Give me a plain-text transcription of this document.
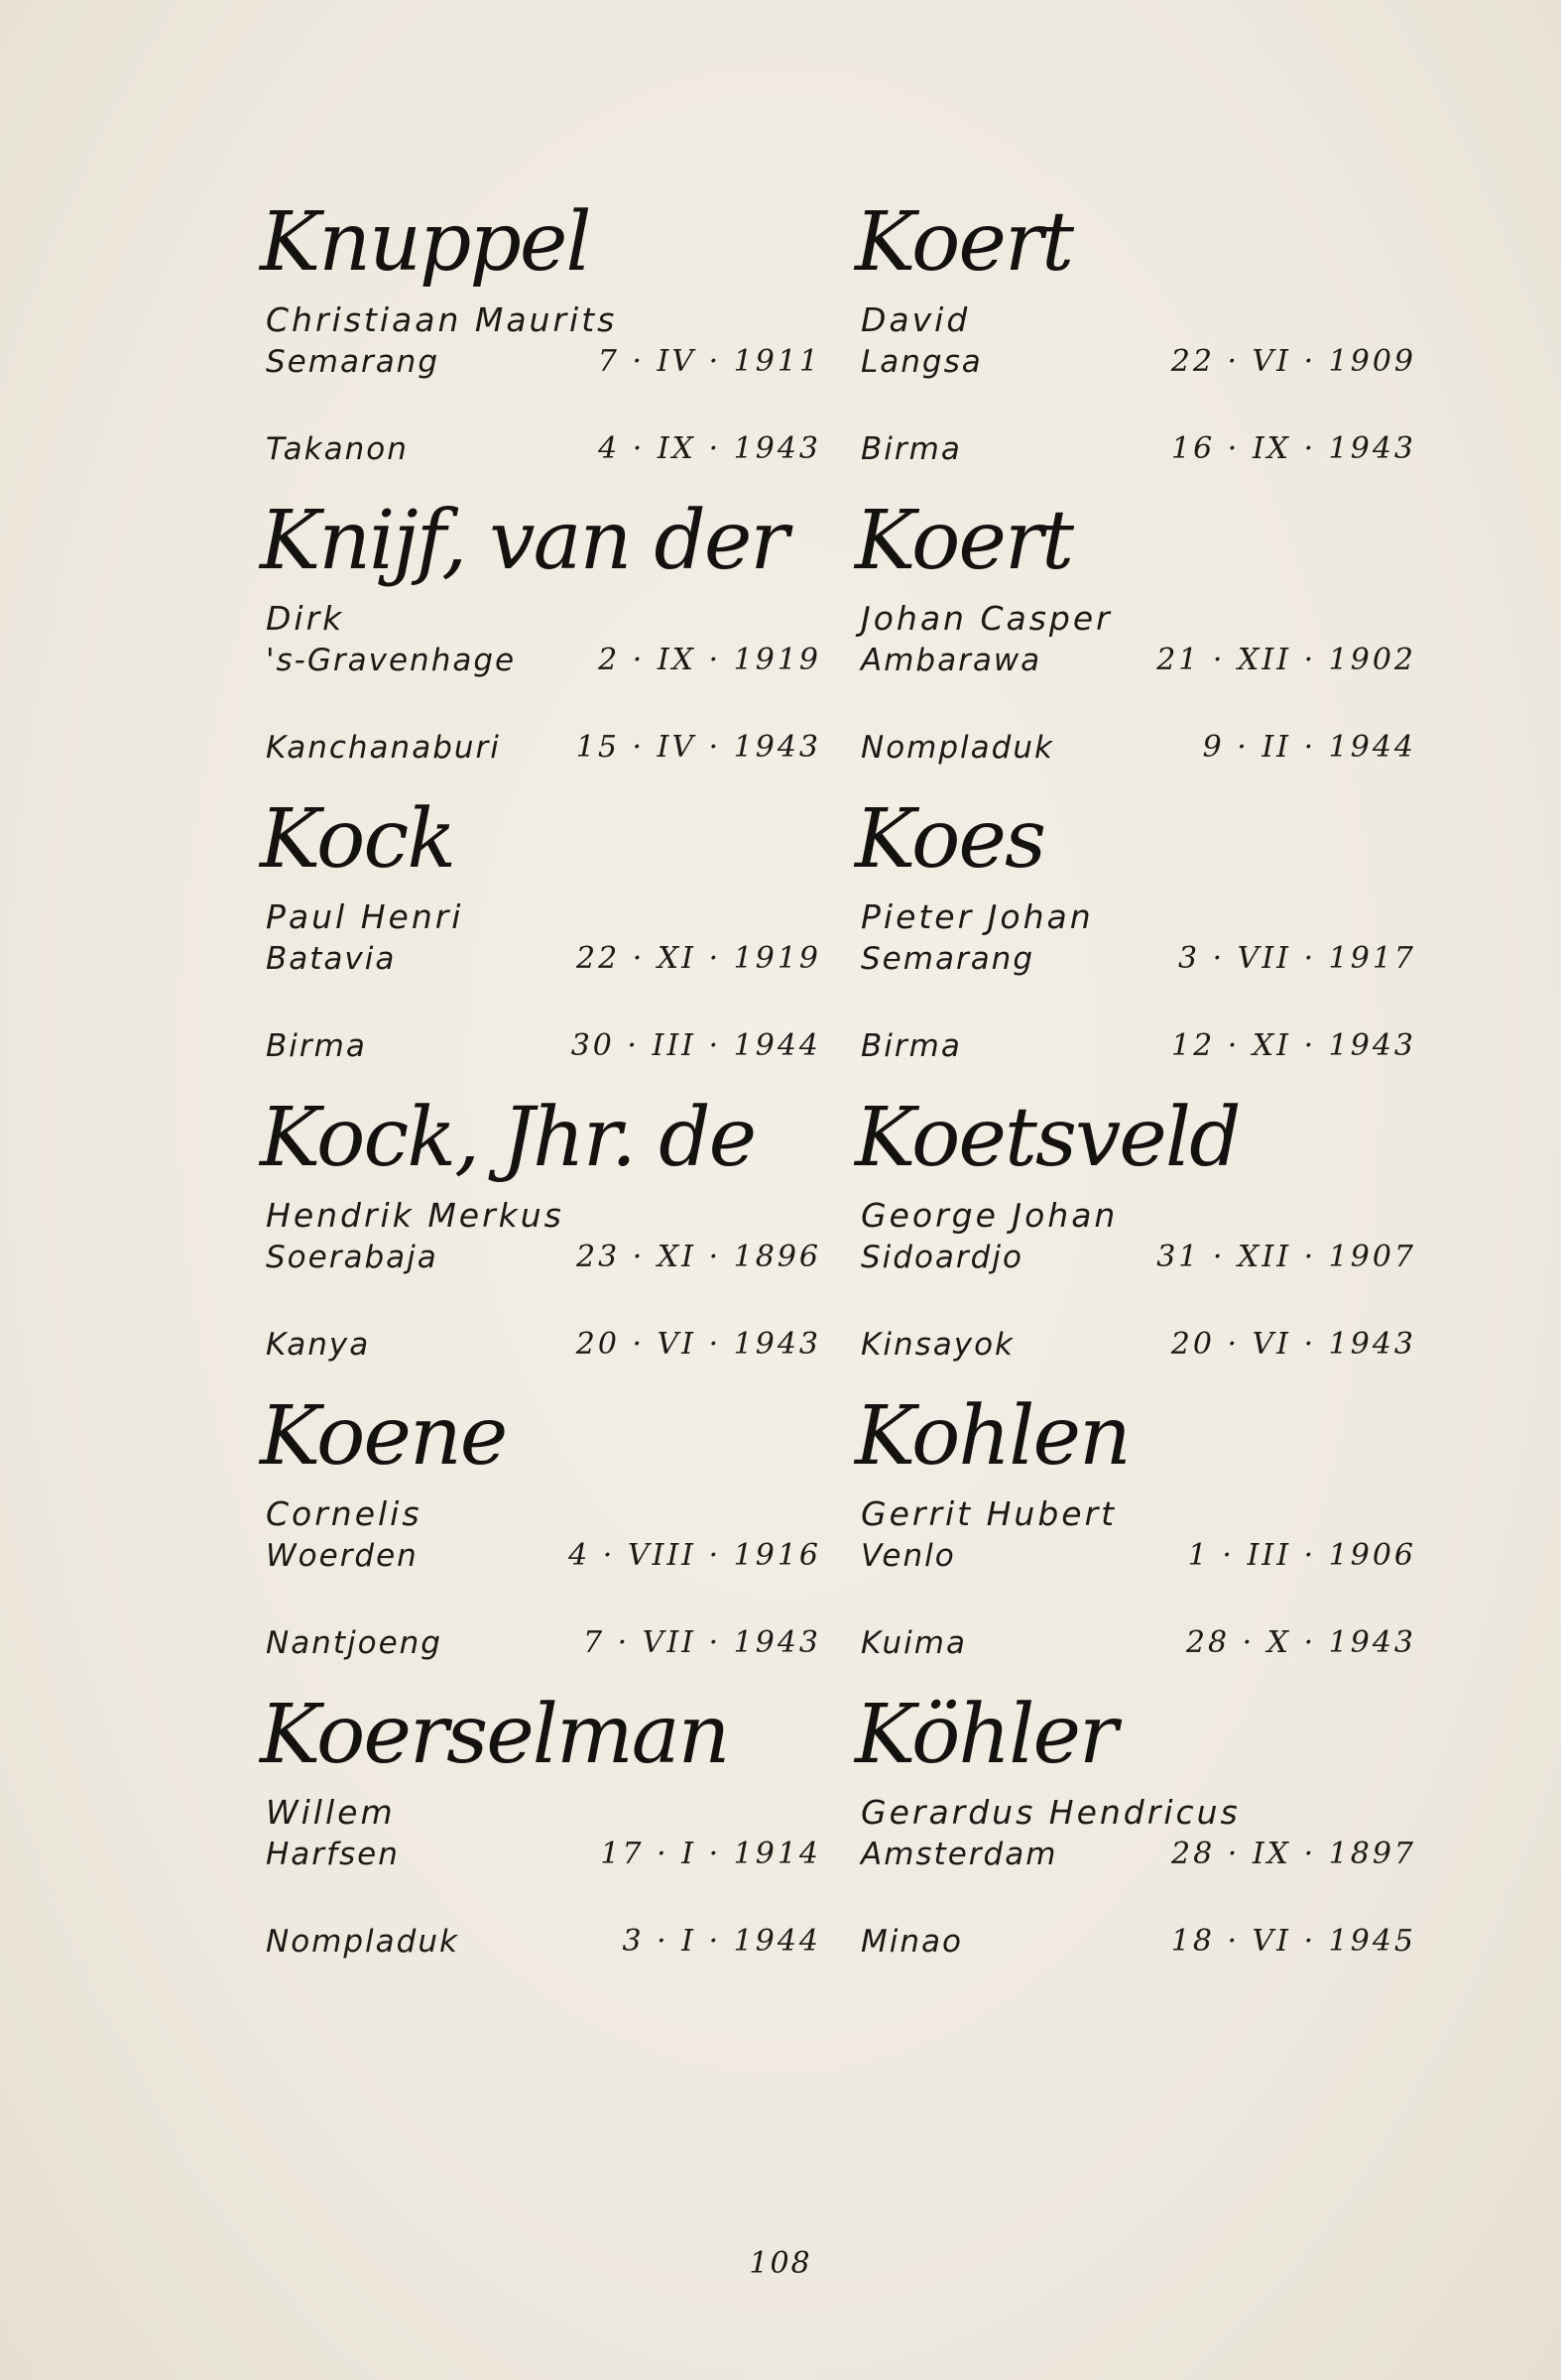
Knuppel
Christiaan Maurits
Semarang	7 · IV · 1911
Takanon	4 · IX · 1943
Knijf, van der
Dirk
's-Gravenhage	2 · IX · 1919
Kanchanaburi	15 · IV · 1943
Kock
Paul Henri
Batavia	22 · XI · 1919
Birma	30 · III · 1944
Kock, Jhr. de
Hendrik Merkus
Soerabaja	23 · XI · 1896
Kanya	20 · VI · 1943
Koene
Cornelis
Woerden	4 · VIII · 1916
Nantjoeng	7 · VII · 1943
Koerselman
Willem
Harfsen	17 · I · 1914
Nompladuk	3 · I · 1944
Koert
David
Langsa	22 · VI · 1909
Birma	16 · IX · 1943
Koert
Johan Casper
Ambarawa	21 · XII · 1902
Nompladuk	9 · II · 1944
Koes
Pieter Johan
Semarang	3 · VII · 1917
Birma	12 · XI · 1943
Koetsveld
George Johan
Sidoardjo	31 · XII · 1907
Kinsayok	20 · VI · 1943
Kohlen
Gerrit Hubert
Venlo	1 · III · 1906
Kuima	28 · X · 1943
Köhler
Gerardus Hendricus
Amsterdam	28 · IX · 1897
Minao	18 · VI · 1945
108
